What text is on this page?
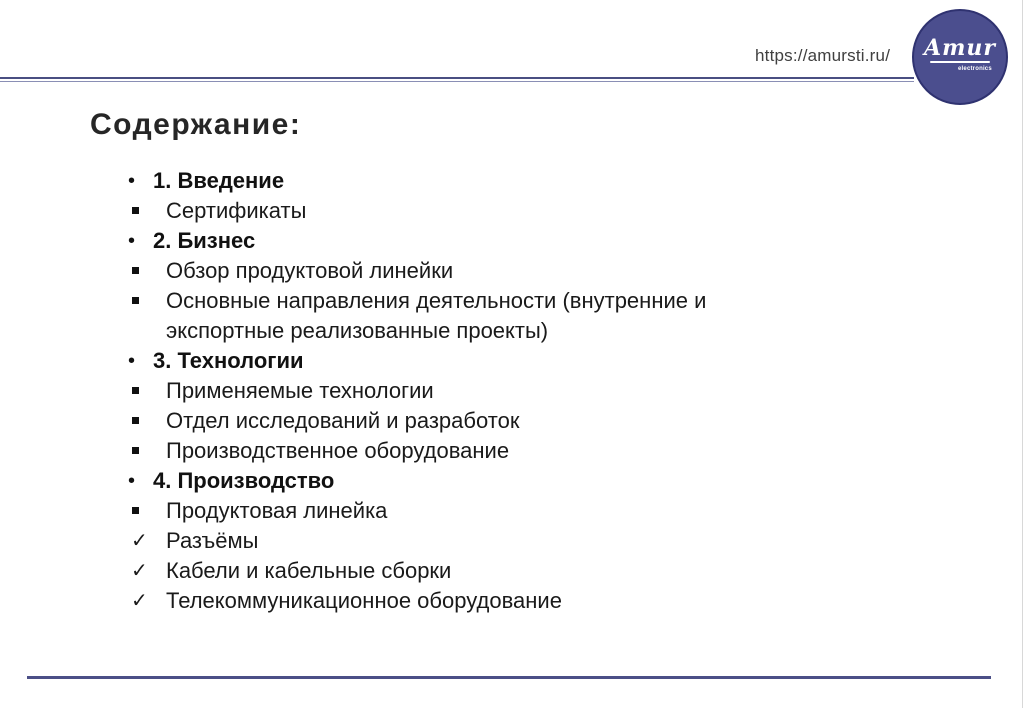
https://amursti.ru/	Amur
electronics
Содержание:
• 1. Введение
Сертификаты
• 2. Бизнес
Обзор продуктовой линейки
Основные направления деятельности (внутренние и
экспортные реализованные проекты)
• 3. Технологии
Применяемые технологии
Отдел исследований и разработок
Производственное оборудование
• 4. Производство
Продуктовая линейка
✓ Разъёмы
✓ Кабели и кабельные сборки
✓ Телекоммуникационное оборудование
